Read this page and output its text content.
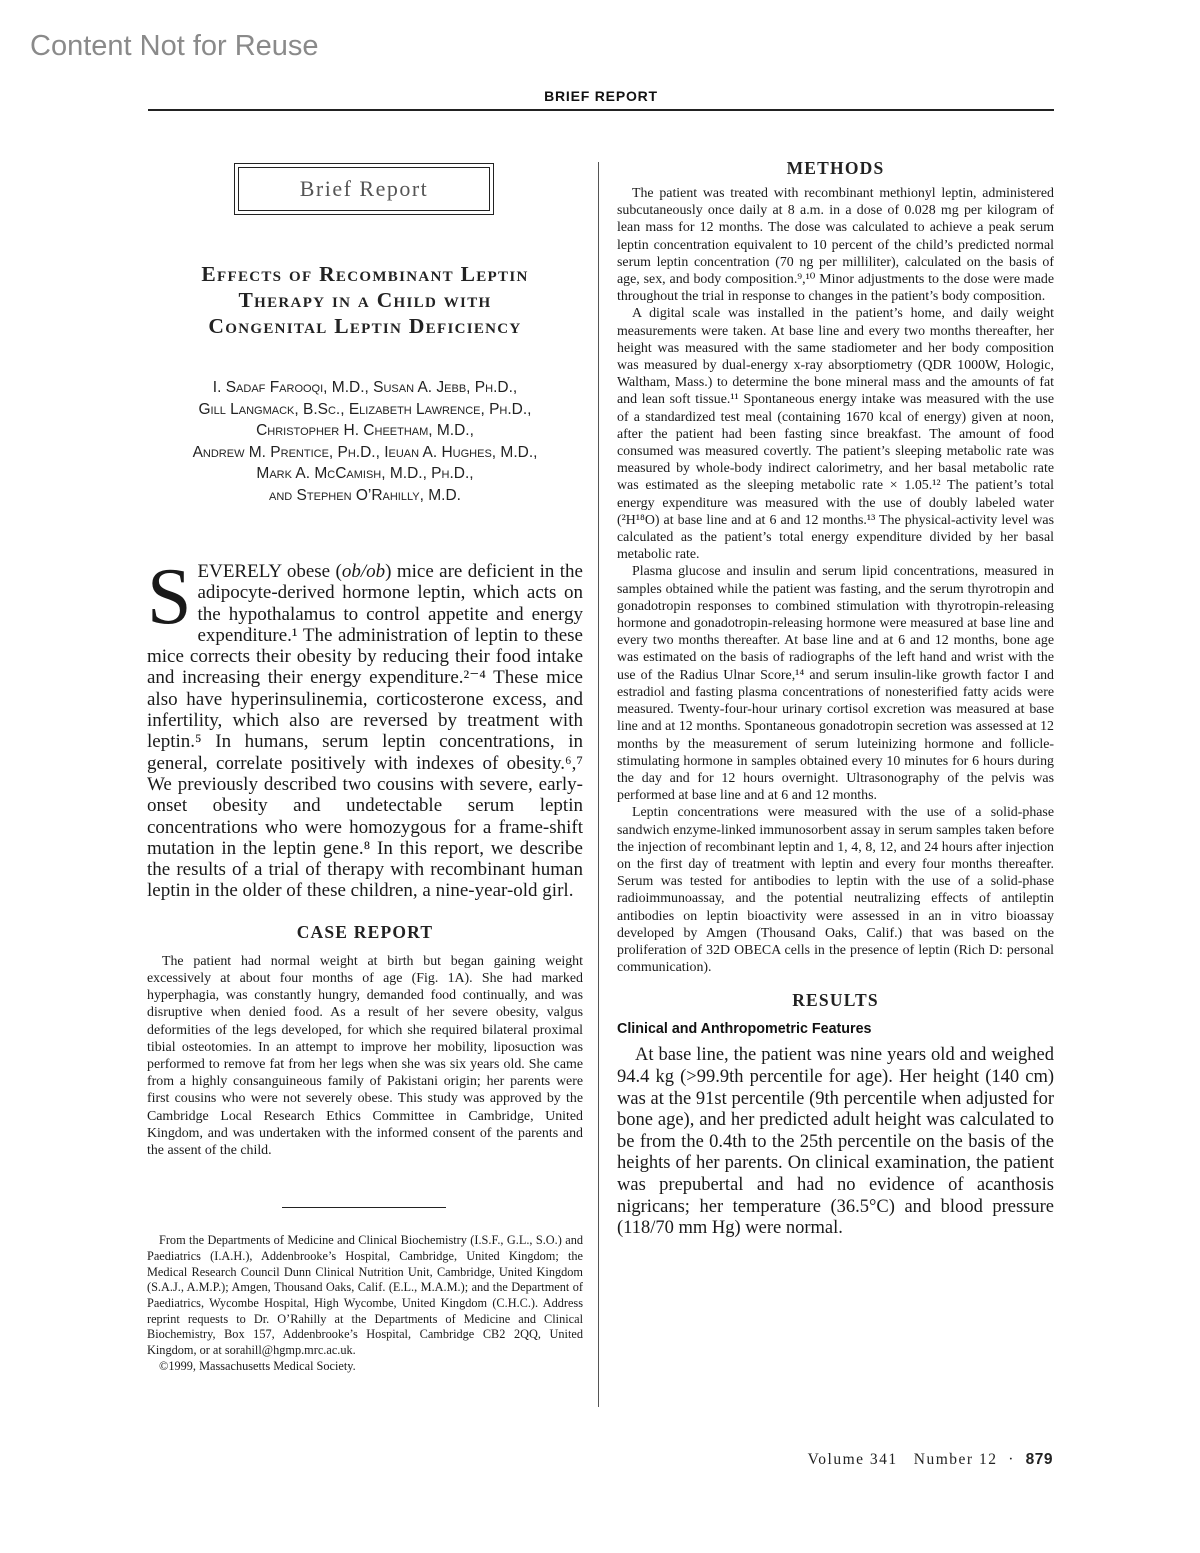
Content Not for Reuse
BRIEF REPORT
Brief Report
Effects of Recombinant Leptin
Therapy in a Child with
Congenital Leptin Deficiency
I. Sadaf Farooqi, M.D., Susan A. Jebb, Ph.D.,
Gill Langmack, B.Sc., Elizabeth Lawrence, Ph.D.,
Christopher H. Cheetham, M.D.,
Andrew M. Prentice, Ph.D., Ieuan A. Hughes, M.D.,
Mark A. McCamish, M.D., Ph.D.,
and Stephen O’Rahilly, M.D.

SEVERELY obese (ob/ob) mice are deficient in the adipocyte-derived hormone leptin, which acts on the hypothalamus to control appetite and energy expenditure.¹ The administration of leptin to these mice corrects their obesity by reducing their food intake and increasing their energy expenditure.²⁻⁴ These mice also have hyperinsulinemia, corticosterone excess, and infertility, which also are reversed by treatment with leptin.⁵ In humans, serum leptin concentrations, in general, correlate positively with indexes of obesity.⁶,⁷ We previously described two cousins with severe, early-onset obesity and undetectable serum leptin concentrations who were homozygous for a frame-shift mutation in the leptin gene.⁸ In this report, we describe the results of a trial of therapy with recombinant human leptin in the older of these children, a nine-year-old girl.

CASE REPORT

The patient had normal weight at birth but began gaining weight excessively at about four months of age (Fig. 1A). She had marked hyperphagia, was constantly hungry, demanded food continually, and was disruptive when denied food. As a result of her severe obesity, valgus deformities of the legs developed, for which she required bilateral proximal tibial osteotomies. In an attempt to improve her mobility, liposuction was performed to remove fat from her legs when she was six years old. She came from a highly consanguineous family of Pakistani origin; her parents were first cousins who were not severely obese. This study was approved by the Cambridge Local Research Ethics Committee in Cambridge, United Kingdom, and was undertaken with the informed consent of the parents and the assent of the child.

From the Departments of Medicine and Clinical Biochemistry (I.S.F., G.L., S.O.) and Paediatrics (I.A.H.), Addenbrooke’s Hospital, Cambridge, United Kingdom; the Medical Research Council Dunn Clinical Nutrition Unit, Cambridge, United Kingdom (S.A.J., A.M.P.); Amgen, Thousand Oaks, Calif. (E.L., M.A.M.); and the Department of Paediatrics, Wycombe Hospital, High Wycombe, United Kingdom (C.H.C.). Address reprint requests to Dr. O’Rahilly at the Departments of Medicine and Clinical Biochemistry, Box 157, Addenbrooke’s Hospital, Cambridge CB2 2QQ, United Kingdom, or at sorahill@hgmp.mrc.ac.uk.

©1999, Massachusetts Medical Society.

METHODS

The patient was treated with recombinant methionyl leptin, administered subcutaneously once daily at 8 a.m. in a dose of 0.028 mg per kilogram of lean mass for 12 months. The dose was calculated to achieve a peak serum leptin concentration equivalent to 10 percent of the child’s predicted normal serum leptin concentration (70 ng per milliliter), calculated on the basis of age, sex, and body composition.⁹,¹⁰ Minor adjustments to the dose were made throughout the trial in response to changes in the patient’s body composition.

A digital scale was installed in the patient’s home, and daily weight measurements were taken. At base line and every two months thereafter, her height was measured with the same stadiometer and her body composition was measured by dual-energy x-ray absorptiometry (QDR 1000W, Hologic, Waltham, Mass.) to determine the bone mineral mass and the amounts of fat and lean soft tissue.¹¹ Spontaneous energy intake was measured with the use of a standardized test meal (containing 1670 kcal of energy) given at noon, after the patient had been fasting since breakfast. The amount of food consumed was measured covertly. The patient’s sleeping metabolic rate was measured by whole-body indirect calorimetry, and her basal metabolic rate was estimated as the sleeping metabolic rate × 1.05.¹² The patient’s total energy expenditure was measured with the use of doubly labeled water (²H¹⁸O) at base line and at 6 and 12 months.¹³ The physical-activity level was calculated as the patient’s total energy expenditure divided by her basal metabolic rate.

Plasma glucose and insulin and serum lipid concentrations, measured in samples obtained while the patient was fasting, and the serum thyrotropin and gonadotropin responses to combined stimulation with thyrotropin-releasing hormone and gonadotropin-releasing hormone were measured at base line and every two months thereafter. At base line and at 6 and 12 months, bone age was estimated on the basis of radiographs of the left hand and wrist with the use of the Radius Ulnar Score,¹⁴ and serum insulin-like growth factor I and estradiol and fasting plasma concentrations of nonesterified fatty acids were measured. Twenty-four-hour urinary cortisol excretion was measured at base line and at 12 months. Spontaneous gonadotropin secretion was assessed at 12 months by the measurement of serum luteinizing hormone and follicle-stimulating hormone in samples obtained every 10 minutes for 6 hours during the day and for 12 hours overnight. Ultrasonography of the pelvis was performed at base line and at 6 and 12 months.

Leptin concentrations were measured with the use of a solid-phase sandwich enzyme-linked immunosorbent assay in serum samples taken before the injection of recombinant leptin and 1, 4, 8, 12, and 24 hours after injection on the first day of treatment with leptin and every four months thereafter. Serum was tested for antibodies to leptin with the use of a solid-phase radioimmunoassay, and the potential neutralizing effects of antileptin antibodies on leptin bioactivity were assessed in an in vitro bioassay developed by Amgen (Thousand Oaks, Calif.) that was based on the proliferation of 32D OBECA cells in the presence of leptin (Rich D: personal communication).

RESULTS
Clinical and Anthropometric Features

At base line, the patient was nine years old and weighed 94.4 kg (>99.9th percentile for age). Her height (140 cm) was at the 91st percentile (9th percentile when adjusted for bone age), and her predicted adult height was calculated to be from the 0.4th to the 25th percentile on the basis of the heights of her parents. On clinical examination, the patient was prepubertal and had no evidence of acanthosis nigricans; her temperature (36.5°C) and blood pressure (118/70 mm Hg) were normal.

Volume 341 Number 12 · 879
